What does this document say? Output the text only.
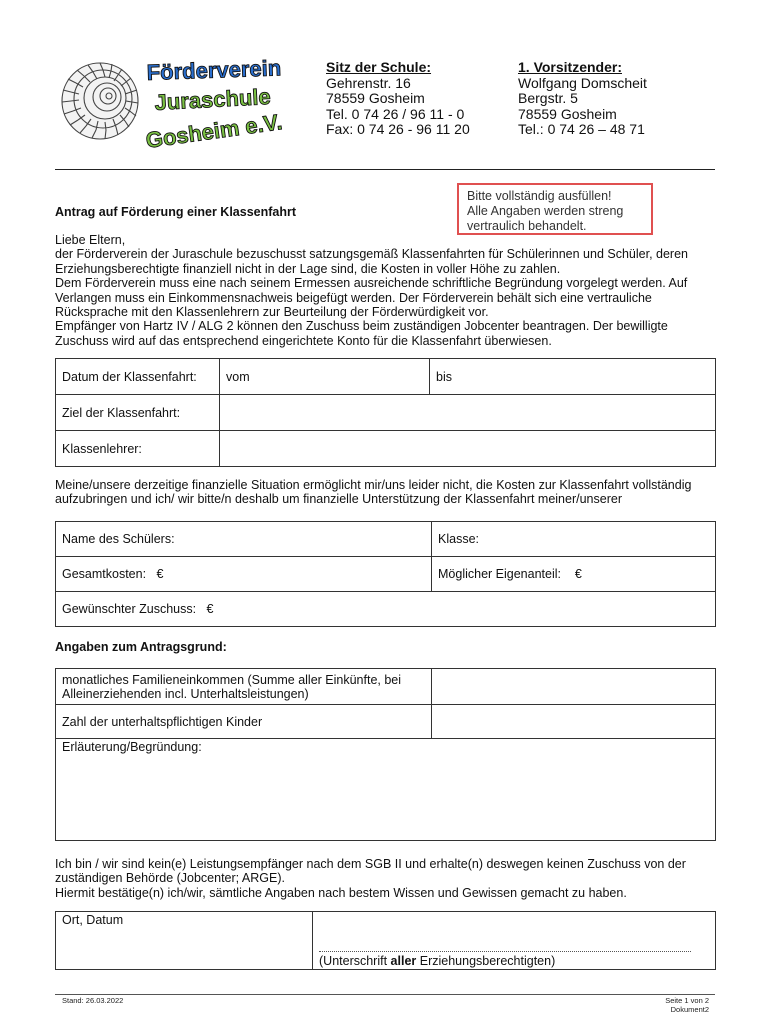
Förderverein
Juraschule
Gosheim e.V.
Sitz der Schule:
Gehrenstr. 16
78559 Gosheim
Tel. 0 74 26 / 96 11 - 0
Fax: 0 74 26 - 96 11 20
1. Vorsitzender:
Wolfgang Domscheit
Bergstr. 5
78559 Gosheim
Tel.: 0 74 26 – 48 71
Bitte vollständig ausfüllen!
Alle Angaben werden streng
vertraulich behandelt.
Antrag auf Förderung einer Klassenfahrt
Liebe Eltern,
der Förderverein der Juraschule bezuschusst satzungsgemäß Klassenfahrten für Schülerinnen und Schüler, deren
Erziehungsberechtigte finanziell nicht in der Lage sind, die Kosten in voller Höhe zu zahlen.
Dem Förderverein muss eine nach seinem Ermessen ausreichende schriftliche Begründung vorgelegt werden. Auf
Verlangen muss ein Einkommensnachweis beigefügt werden. Der Förderverein behält sich eine vertrauliche
Rücksprache mit den Klassenlehrern zur Beurteilung der Förderwürdigkeit vor.
Empfänger von Hartz IV / ALG 2 können den Zuschuss beim zuständigen Jobcenter beantragen. Der bewilligte
Zuschuss wird auf das entsprechend eingerichtete Konto für die Klassenfahrt überwiesen.
Datum der Klassenfahrt:	vom	bis
Ziel der Klassenfahrt:		
Klassenlehrer:		
Meine/unsere derzeitige finanzielle Situation ermöglicht mir/uns leider nicht, die Kosten zur Klassenfahrt vollständig
aufzubringen und ich/ wir bitte/n deshalb um finanzielle Unterstützung der Klassenfahrt meiner/unserer
Name des Schülers:	Klasse:
Gesamtkosten: €	Möglicher Eigenanteil: €
Gewünschter Zuschuss: €	
Angaben zum Antragsgrund:
monatliches Familieneinkommen (Summe aller Einkünfte, bei
Alleinerziehenden incl. Unterhaltsleistungen)	

Zahl der unterhaltspflichtigen Kinder	
Erläuterung/Begründung:	
Ich bin / wir sind kein(e) Leistungsempfänger nach dem SGB II und erhalte(n) deswegen keinen Zuschuss von der
zuständigen Behörde (Jobcenter; ARGE).
Hiermit bestätige(n) ich/wir, sämtliche Angaben nach bestem Wissen und Gewissen gemacht zu haben.
Ort, Datum	
(Unterschrift aller Erziehungsberechtigten)
Stand: 26.03.2022	Seite 1 von 2
Dokument2
